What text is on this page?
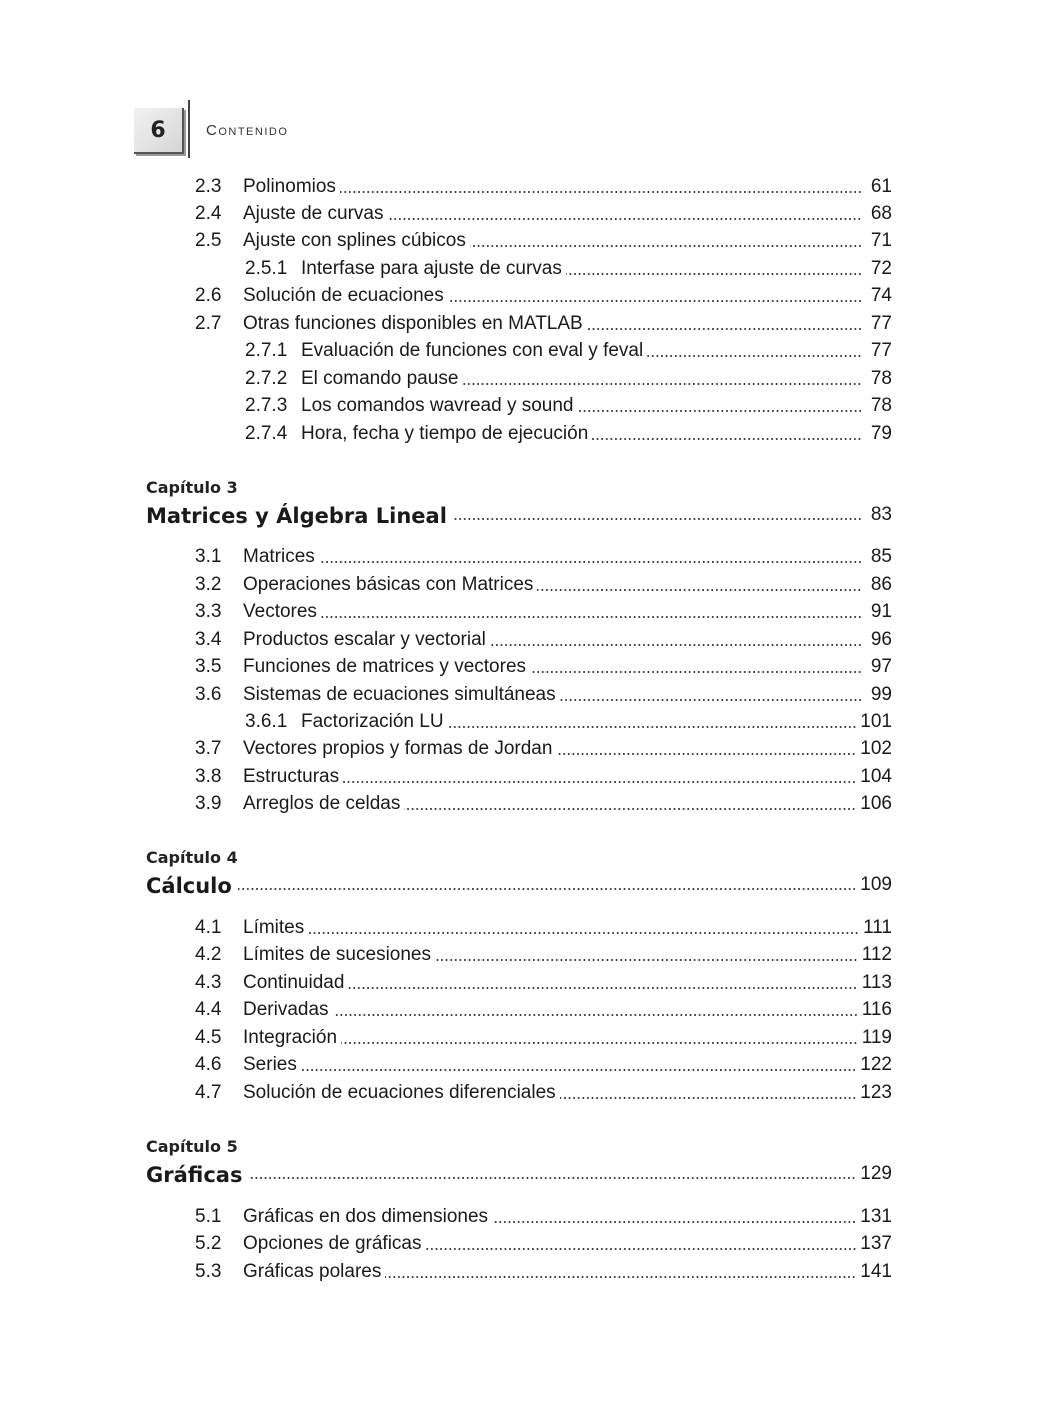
6	Contenido
2.3	Polinomios	61
2.4	Ajuste de curvas	68
2.5	Ajuste con splines cúbicos	71
2.5.1 Interfase para ajuste de curvas	72
2.6	Solución de ecuaciones	74
2.7	Otras funciones disponibles en MATLAB	77
2.7.1 Evaluación de funciones con eval y feval	77
2.7.2 El comando pause	78
2.7.3 Los comandos wavread y sound	78
2.7.4 Hora, fecha y tiempo de ejecución	79
Capítulo 3
Matrices y Álgebra Lineal	83
3.1	Matrices	85
3.2	Operaciones básicas con Matrices	86
3.3	Vectores	91
3.4	Productos escalar y vectorial	96
3.5	Funciones de matrices y vectores	97
3.6	Sistemas de ecuaciones simultáneas	99
3.6.1 Factorización LU	101
3.7	Vectores propios y formas de Jordan	102
3.8	Estructuras	104
3.9	Arreglos de celdas	106
Capítulo 4
Cálculo	109
4.1	Límites	111
4.2	Límites de sucesiones	112
4.3	Continuidad	113
4.4	Derivadas	116
4.5	Integración	119
4.6	Series	122
4.7	Solución de ecuaciones diferenciales	123
Capítulo 5
Gráficas	129
5.1	Gráficas en dos dimensiones	131
5.2	Opciones de gráficas	137
5.3	Gráficas polares	141
